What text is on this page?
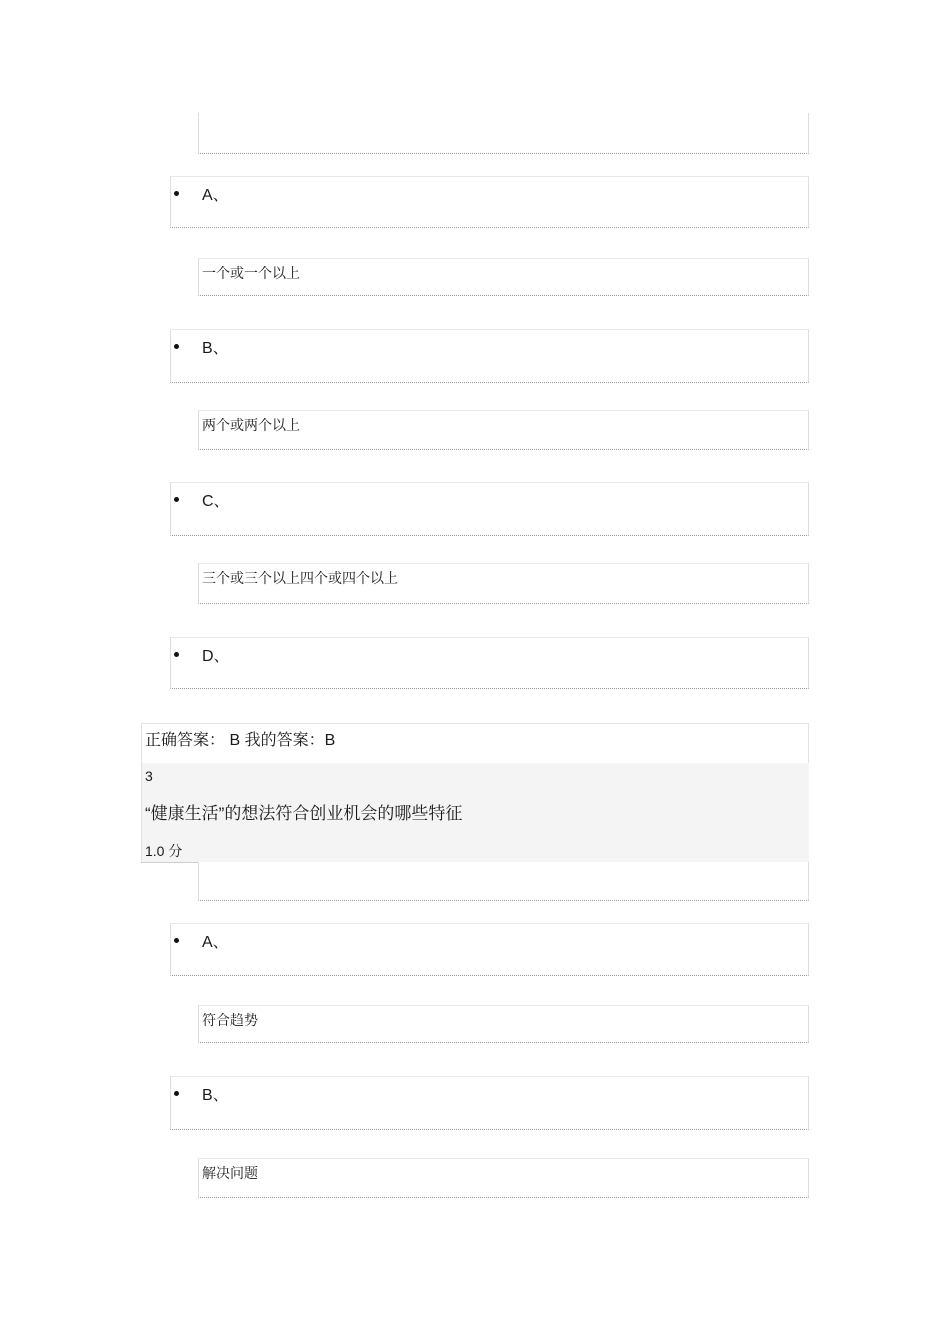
A、
一个或一个以上
B、
两个或两个以上
C、
三个或三个以上四个或四个以上
D、
正确答案： B 我的答案：B
3
“健康生活”的想法符合创业机会的哪些特征
1.0 分
A、
符合趋势
B、
解决问题
